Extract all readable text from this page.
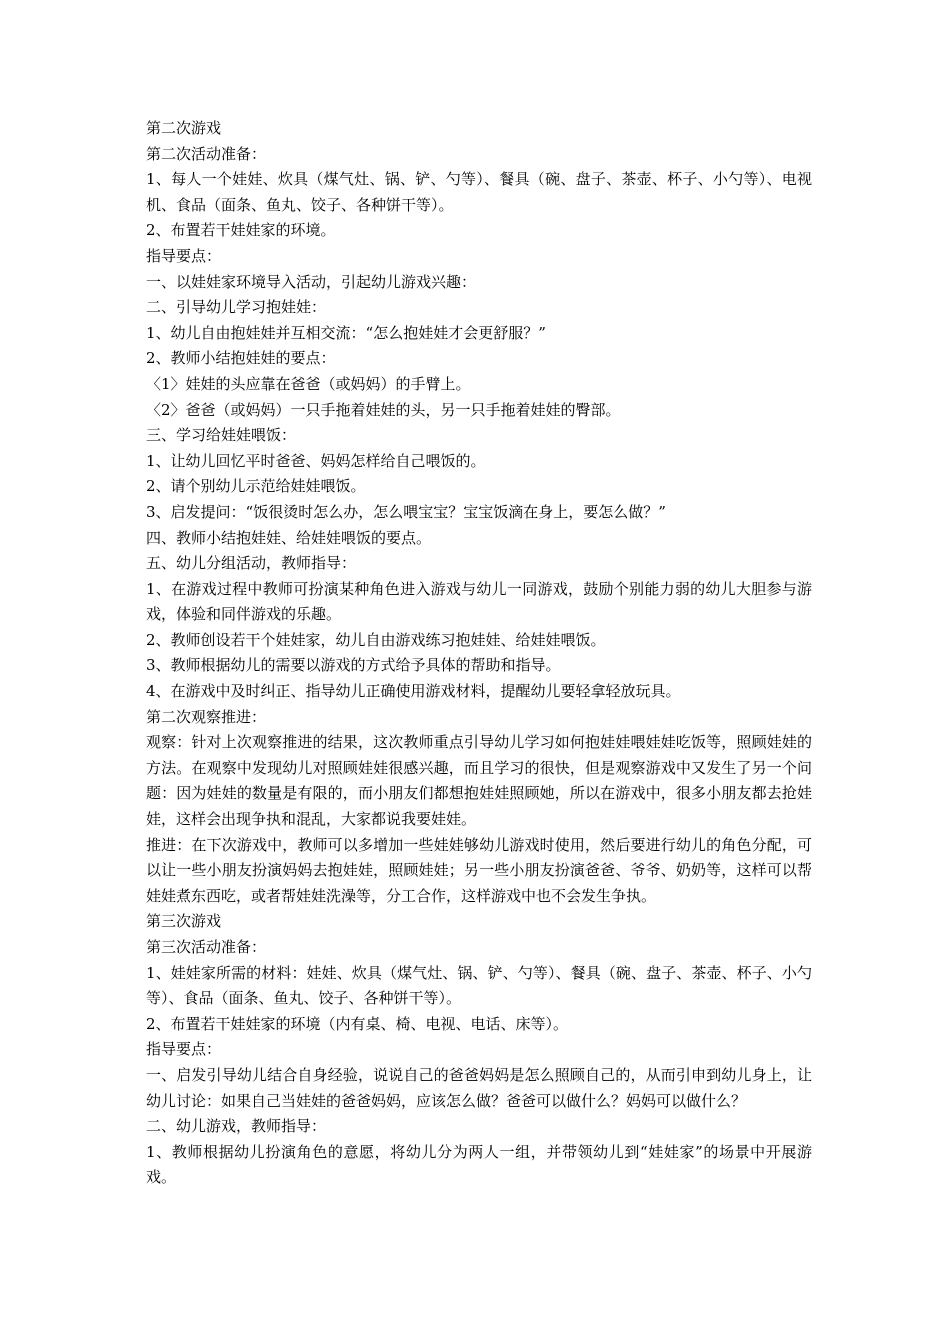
第二次游戏

第二次活动准备：

1、每人一个娃娃、炊具（煤气灶、锅、铲、勺等）、餐具（碗、盘子、茶壶、杯子、小勺等）、电视机、食品（面条、鱼丸、饺子、各种饼干等）。

2、布置若干娃娃家的环境。

指导要点：

一、以娃娃家环境导入活动，引起幼儿游戏兴趣：

二、引导幼儿学习抱娃娃：

1、幼儿自由抱娃娃并互相交流：“怎么抱娃娃才会更舒服？”

2、教师小结抱娃娃的要点：

〈1〉娃娃的头应靠在爸爸（或妈妈）的手臂上。

〈2〉爸爸（或妈妈）一只手拖着娃娃的头，另一只手拖着娃娃的臀部。

三、学习给娃娃喂饭：

1、让幼儿回忆平时爸爸、妈妈怎样给自己喂饭的。

2、请个别幼儿示范给娃娃喂饭。

3、启发提问：“饭很烫时怎么办，怎么喂宝宝？宝宝饭滴在身上，要怎么做？”

四、教师小结抱娃娃、给娃娃喂饭的要点。

五、幼儿分组活动，教师指导：

1、在游戏过程中教师可扮演某种角色进入游戏与幼儿一同游戏，鼓励个别能力弱的幼儿大胆参与游戏，体验和同伴游戏的乐趣。

2、教师创设若干个娃娃家，幼儿自由游戏练习抱娃娃、给娃娃喂饭。

3、教师根据幼儿的需要以游戏的方式给予具体的帮助和指导。

4、在游戏中及时纠正、指导幼儿正确使用游戏材料，提醒幼儿要轻拿轻放玩具。

第二次观察推进：

观察：针对上次观察推进的结果，这次教师重点引导幼儿学习如何抱娃娃喂娃娃吃饭等，照顾娃娃的方法。在观察中发现幼儿对照顾娃娃很感兴趣，而且学习的很快，但是观察游戏中又发生了另一个问题：因为娃娃的数量是有限的，而小朋友们都想抱娃娃照顾她，所以在游戏中，很多小朋友都去抢娃娃，这样会出现争执和混乱，大家都说我要娃娃。

推进：在下次游戏中，教师可以多增加一些娃娃够幼儿游戏时使用，然后要进行幼儿的角色分配，可以让一些小朋友扮演妈妈去抱娃娃，照顾娃娃；另一些小朋友扮演爸爸、爷爷、奶奶等，这样可以帮娃娃煮东西吃，或者帮娃娃洗澡等，分工合作，这样游戏中也不会发生争执。

第三次游戏

第三次活动准备：

1、娃娃家所需的材料：娃娃、炊具（煤气灶、锅、铲、勺等）、餐具（碗、盘子、茶壶、杯子、小勺等）、食品（面条、鱼丸、饺子、各种饼干等）。

2、布置若干娃娃家的环境（内有桌、椅、电视、电话、床等）。

指导要点：

一、启发引导幼儿结合自身经验，说说自己的爸爸妈妈是怎么照顾自己的，从而引申到幼儿身上，让幼儿讨论：如果自己当娃娃的爸爸妈妈，应该怎么做？爸爸可以做什么？妈妈可以做什么？

二、幼儿游戏，教师指导：

1、教师根据幼儿扮演角色的意愿，将幼儿分为两人一组，并带领幼儿到“娃娃家”的场景中开展游戏。
